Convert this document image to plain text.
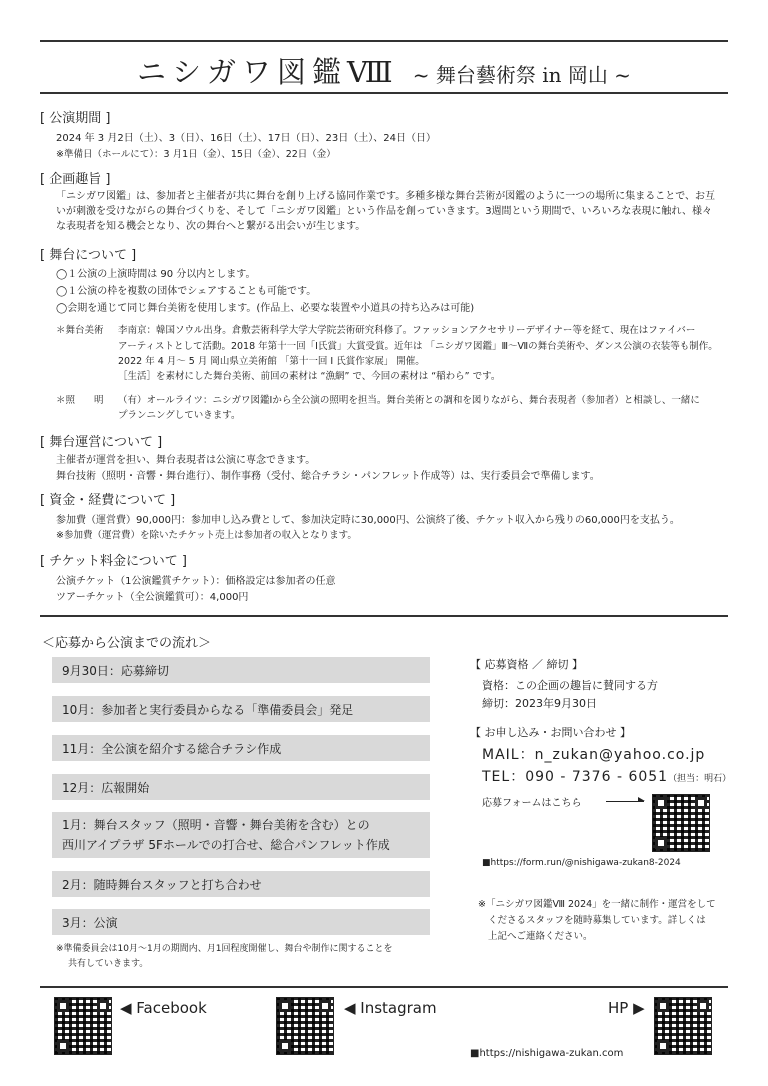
ニシガワ図鑑Ⅷ ~ 舞台藝術祭 in 岡山 ~
[ 公演期間 ]
2024 年 3 月2日（土）、3（日）、16日（土）、17日（日）、23日（土）、24日（日）
※準備日（ホールにて）：3 月1日（金）、15日（金）、22日（金）
[ 企画趣旨 ]
「ニシガワ図鑑」は、参加者と主催者が共に舞台を創り上げる協同作業です。多種多様な舞台芸術が図鑑のように一つの場所に集まることで、お互いが刺激を受けながらの舞台づくりを、そして「ニシガワ図鑑」という作品を創っていきます。3週間という期間で、いろいろな表現に触れ、様々な表現者を知る機会となり、次の舞台へと繋がる出会いが生じます。
[ 舞台について ]
◯１公演の上演時間は 90 分以内とします。
◯１公演の枠を複数の団体でシェアすることも可能です。
◯会期を通じて同じ舞台美術を使用します。(作品上、必要な装置や小道具の持ち込みは可能)
＊舞台美術 李南京：韓国ソウル出身。倉敷芸術科学大学大学院芸術研究科修了。ファッションアクセサリーデザイナー等を経て、現在はファイバー
アーティストとして活動。2018 年第十一回「I氏賞」大賞受賞。近年は 「ニシガワ図鑑」Ⅲ～Ⅶの舞台美術や、ダンス公演の衣装等も制作。
2022 年 4 月～ 5 月 岡山県立美術館 「第十一回 I 氏賞作家展」 開催。
［生活］を素材にした舞台美術、前回の素材は “漁網” で、今回の素材は “稲わら” です。
＊照　　明 （有）オールライツ：ニシガワ図鑑Ⅰから全公演の照明を担当。舞台美術との調和を図りながら、舞台表現者（参加者）と相談し、一緒に
プランニングしていきます。
[ 舞台運営について ]
主催者が運営を担い、舞台表現者は公演に専念できます。
舞台技術（照明・音響・舞台進行）、制作事務（受付、総合チラシ・パンフレット作成等）は、実行委員会で準備します。
[ 資金・経費について ]
参加費（運営費）90,000円：参加申し込み費として、参加決定時に30,000円、公演終了後、チケット収入から残りの60,000円を支払う。
※参加費（運営費）を除いたチケット売上は参加者の収入となります。
[ チケット料金について ]
公演チケット（1公演鑑賞チケット）：価格設定は参加者の任意
ツアーチケット（全公演鑑賞可）：4,000円
＜応募から公演までの流れ＞
9月30日：応募締切
10月：参加者と実行委員からなる「準備委員会」発足
11月：全公演を紹介する総合チラシ作成
12月：広報開始
1月：舞台スタッフ（照明・音響・舞台美術を含む）との
西川アイプラザ 5Fホールでの打合せ、総合パンフレット作成
2月：随時舞台スタッフと打ち合わせ
3月：公演
※準備委員会は10月～1月の期間内、月1回程度開催し、舞台や制作に関することを
共有していきます。
【 応募資格 ／ 締切 】
資格：この企画の趣旨に賛同する方
締切：2023年9月30日
【 お申し込み・お問い合わせ 】
MAIL：n_zukan@yahoo.co.jp
TEL：090 - 7376 - 6051（担当：明石）
応募フォームはこちら
■https://form.run/@nishigawa-zukan8-2024
※「ニシガワ図鑑Ⅷ 2024」を一緒に制作・運営をして
くださるスタッフを随時募集しています。詳しくは
上記へご連絡ください。
◀ Facebook	◀ Instagram	HP ▶
■https://nishigawa-zukan.com
